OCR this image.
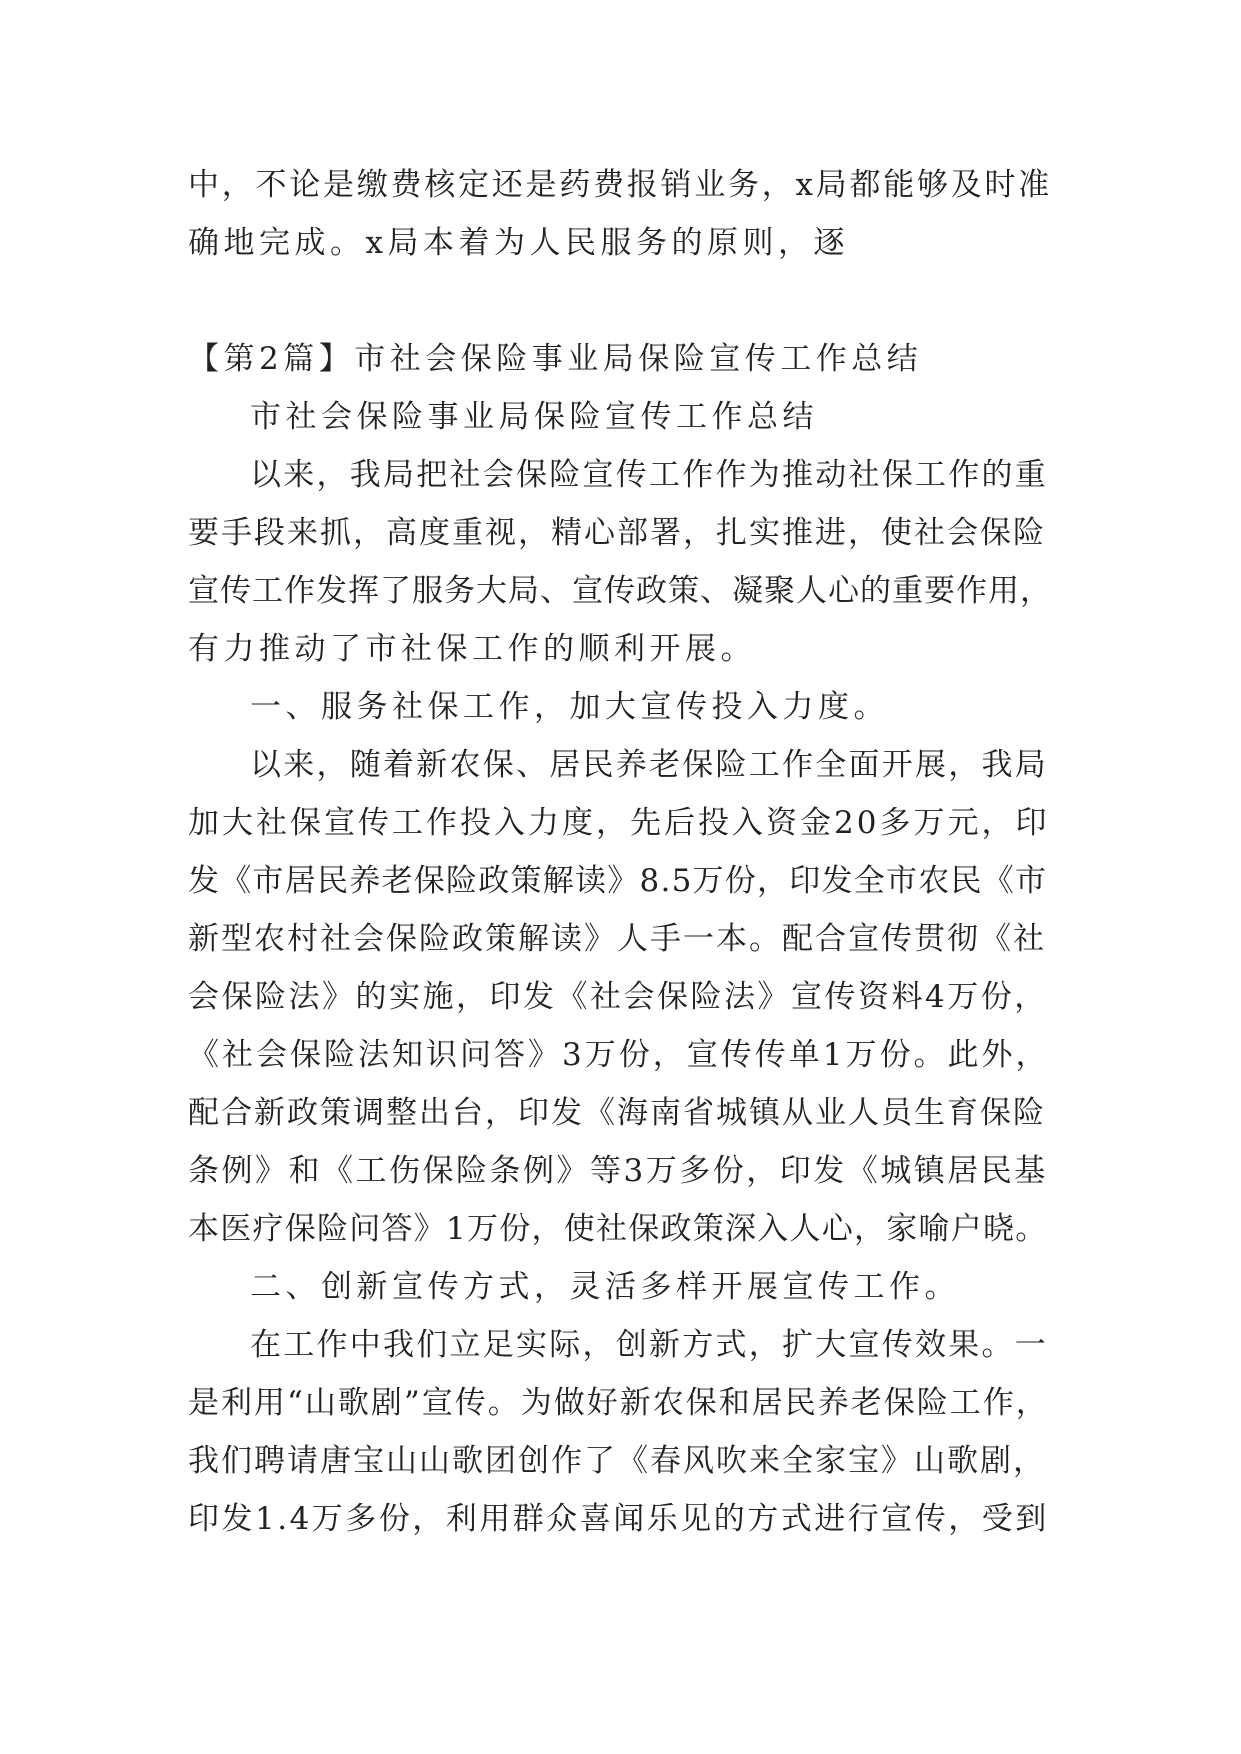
中，不论是缴费核定还是药费报销业务，x局都能够及时准
确地完成。x局本着为人民服务的原则，逐
【第2篇】市社会保险事业局保险宣传工作总结
市社会保险事业局保险宣传工作总结
以来，我局把社会保险宣传工作作为推动社保工作的重
要手段来抓，高度重视，精心部署，扎实推进，使社会保险
宣传工作发挥了服务大局、宣传政策、凝聚人心的重要作用，
有力推动了市社保工作的顺利开展。
一、服务社保工作，加大宣传投入力度。
以来，随着新农保、居民养老保险工作全面开展，我局
加大社保宣传工作投入力度，先后投入资金20多万元，印
发《市居民养老保险政策解读》8.5万份，印发全市农民《市
新型农村社会保险政策解读》人手一本。配合宣传贯彻《社
会保险法》的实施，印发《社会保险法》宣传资料4万份，
《社会保险法知识问答》3万份，宣传传单1万份。此外，
配合新政策调整出台，印发《海南省城镇从业人员生育保险
条例》和《工伤保险条例》等3万多份，印发《城镇居民基
本医疗保险问答》1万份，使社保政策深入人心，家喻户晓。
二、创新宣传方式，灵活多样开展宣传工作。
在工作中我们立足实际，创新方式，扩大宣传效果。一
是利用“山歌剧”宣传。为做好新农保和居民养老保险工作，
我们聘请唐宝山山歌团创作了《春风吹来全家宝》山歌剧，
印发1.4万多份，利用群众喜闻乐见的方式进行宣传，受到
